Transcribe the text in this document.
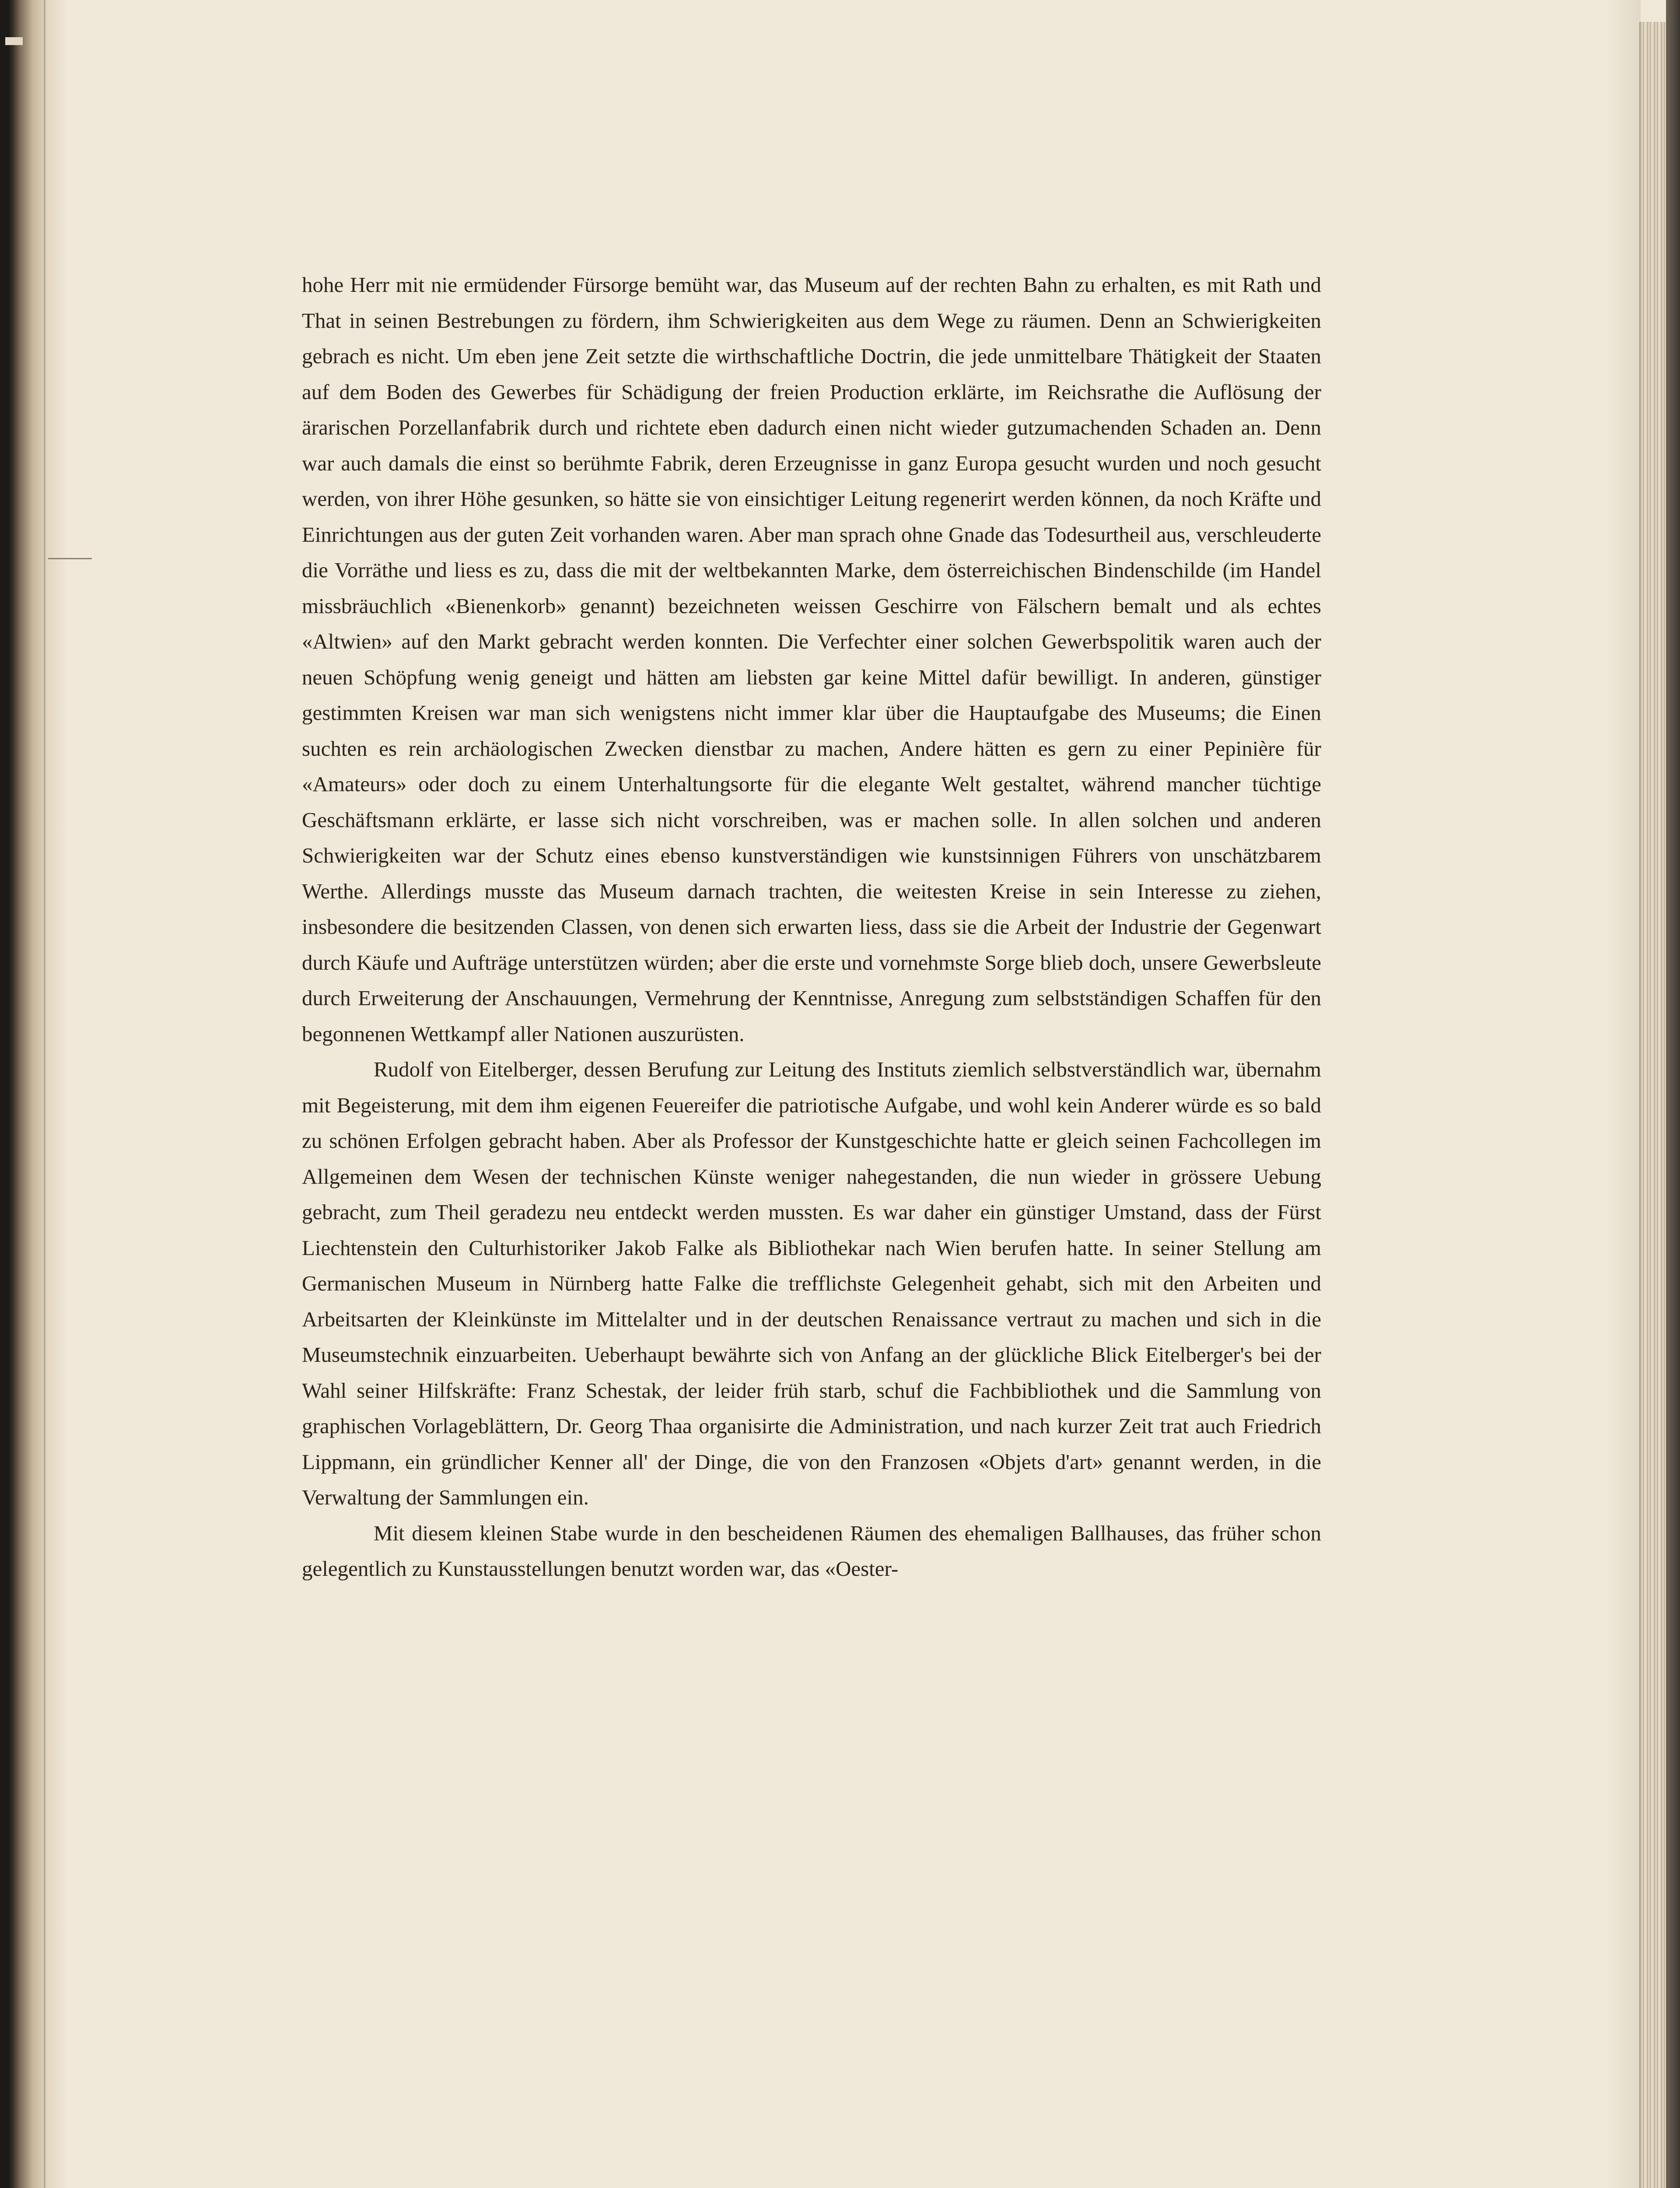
hohe Herr mit nie ermüdender Fürsorge bemüht war, das Museum auf der rechten Bahn zu erhalten, es mit Rath und That in seinen Bestrebungen zu fördern, ihm Schwierigkeiten aus dem Wege zu räumen. Denn an Schwierigkeiten gebrach es nicht. Um eben jene Zeit setzte die wirthschaftliche Doctrin, die jede unmittelbare Thätigkeit der Staaten auf dem Boden des Gewerbes für Schädigung der freien Production erklärte, im Reichsrathe die Auflösung der ärarischen Porzellanfabrik durch und richtete eben dadurch einen nicht wieder gutzumachenden Schaden an. Denn war auch damals die einst so berühmte Fabrik, deren Erzeugnisse in ganz Europa gesucht wurden und noch gesucht werden, von ihrer Höhe gesunken, so hätte sie von einsichtiger Leitung regenerirt werden können, da noch Kräfte und Einrichtungen aus der guten Zeit vorhanden waren. Aber man sprach ohne Gnade das Todesurtheil aus, verschleuderte die Vorräthe und liess es zu, dass die mit der weltbekannten Marke, dem österreichischen Bindenschilde (im Handel missbräuchlich «Bienenkorb» genannt) bezeichneten weissen Geschirre von Fälschern bemalt und als echtes «Altwien» auf den Markt gebracht werden konnten. Die Verfechter einer solchen Gewerbspolitik waren auch der neuen Schöpfung wenig geneigt und hätten am liebsten gar keine Mittel dafür bewilligt. In anderen, günstiger gestimmten Kreisen war man sich wenigstens nicht immer klar über die Hauptaufgabe des Museums; die Einen suchten es rein archäologischen Zwecken dienstbar zu machen, Andere hätten es gern zu einer Pepinière für «Amateurs» oder doch zu einem Unterhaltungsorte für die elegante Welt gestaltet, während mancher tüchtige Geschäftsmann erklärte, er lasse sich nicht vorschreiben, was er machen solle. In allen solchen und anderen Schwierigkeiten war der Schutz eines ebenso kunstverständigen wie kunstsinnigen Führers von unschätzbarem Werthe. Allerdings musste das Museum darnach trachten, die weitesten Kreise in sein Interesse zu ziehen, insbesondere die besitzenden Classen, von denen sich erwarten liess, dass sie die Arbeit der Industrie der Gegenwart durch Käufe und Aufträge unterstützen würden; aber die erste und vornehmste Sorge blieb doch, unsere Gewerbsleute durch Erweiterung der Anschauungen, Vermehrung der Kenntnisse, Anregung zum selbstständigen Schaffen für den begonnenen Wettkampf aller Nationen auszurüsten.

Rudolf von Eitelberger, dessen Berufung zur Leitung des Instituts ziemlich selbstverständlich war, übernahm mit Begeisterung, mit dem ihm eigenen Feuereifer die patriotische Aufgabe, und wohl kein Anderer würde es so bald zu schönen Erfolgen gebracht haben. Aber als Professor der Kunstgeschichte hatte er gleich seinen Fachcollegen im Allgemeinen dem Wesen der technischen Künste weniger nahegestanden, die nun wieder in grössere Uebung gebracht, zum Theil geradezu neu entdeckt werden mussten. Es war daher ein günstiger Umstand, dass der Fürst Liechtenstein den Culturhistoriker Jakob Falke als Bibliothekar nach Wien berufen hatte. In seiner Stellung am Germanischen Museum in Nürnberg hatte Falke die trefflichste Gelegenheit gehabt, sich mit den Arbeiten und Arbeitsarten der Kleinkünste im Mittelalter und in der deutschen Renaissance vertraut zu machen und sich in die Museumstechnik einzuarbeiten. Ueberhaupt bewährte sich von Anfang an der glückliche Blick Eitelberger's bei der Wahl seiner Hilfskräfte: Franz Schestak, der leider früh starb, schuf die Fachbibliothek und die Sammlung von graphischen Vorlageblättern, Dr. Georg Thaa organisirte die Administration, und nach kurzer Zeit trat auch Friedrich Lippmann, ein gründlicher Kenner all' der Dinge, die von den Franzosen «Objets d'art» genannt werden, in die Verwaltung der Sammlungen ein.

Mit diesem kleinen Stabe wurde in den bescheidenen Räumen des ehemaligen Ballhauses, das früher schon gelegentlich zu Kunstausstellungen benutzt worden war, das «Oester-
